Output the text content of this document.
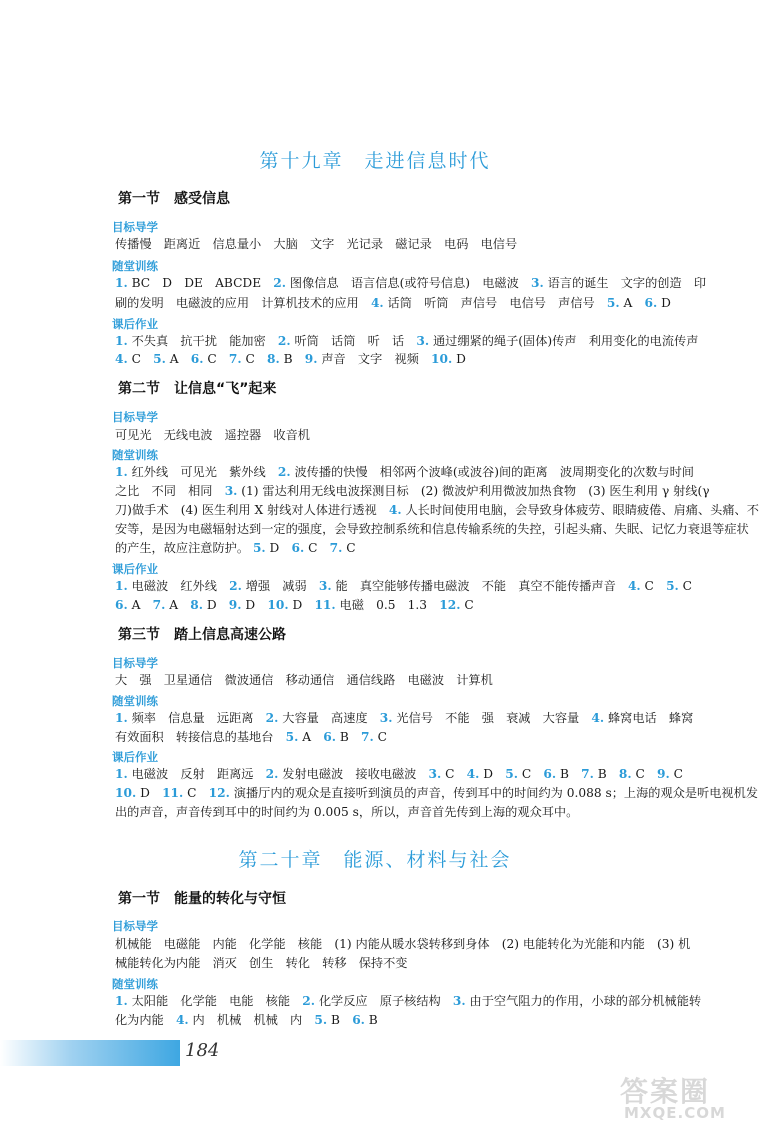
第十九章　走进信息时代
第一节　感受信息
目标导学
传播慢　距离近　信息量小　大脑　文字　光记录　磁记录　电码　电信号
随堂训练
1. BC　D　DE　ABCDE　2. 图像信息　语言信息(或符号信息)　电磁波　3. 语言的诞生　文字的创造　印
刷的发明　电磁波的应用　计算机技术的应用　4. 话筒　听筒　声信号　电信号　声信号　5. A　6. D
课后作业
1. 不失真　抗干扰　能加密　2. 听筒　话筒　听　话　3. 通过绷紧的绳子(固体)传声　利用变化的电流传声
4. C　5. A　6. C　7. C　8. B　9. 声音　文字　视频　10. D
第二节　让信息“飞”起来
目标导学
可见光　无线电波　遥控器　收音机
随堂训练
1. 红外线　可见光　紫外线　2. 波传播的快慢　相邻两个波峰(或波谷)间的距离　波周期变化的次数与时间
之比　不同　相同　3. (1) 雷达利用无线电波探测目标　(2) 微波炉利用微波加热食物　(3) 医生利用 γ 射线(γ
刀)做手术　(4) 医生利用 X 射线对人体进行透视　4. 人长时间使用电脑，会导致身体疲劳、眼睛疲倦、肩痛、头痛、不
安等，是因为电磁辐射达到一定的强度，会导致控制系统和信息传输系统的失控，引起头痛、失眠、记忆力衰退等症状
的产生，故应注意防护。 5. D　6. C　7. C
课后作业
1. 电磁波　红外线　2. 增强　减弱　3. 能　真空能够传播电磁波　不能　真空不能传播声音　4. C　5. C
6. A　7. A　8. D　9. D　10. D　11. 电磁　0.5　1.3　12. C
第三节　踏上信息高速公路
目标导学
大　强　卫星通信　微波通信　移动通信　通信线路　电磁波　计算机
随堂训练
1. 频率　信息量　远距离　2. 大容量　高速度　3. 光信号　不能　强　衰减　大容量　4. 蜂窝电话　蜂窝
有效面积　转接信息的基地台　5. A　6. B　7. C
课后作业
1. 电磁波　反射　距离远　2. 发射电磁波　接收电磁波　3. C　4. D　5. C　6. B　7. B　8. C　9. C
10. D　11. C　12. 演播厅内的观众是直接听到演员的声音，传到耳中的时间约为 0.088 s；上海的观众是听电视机发
出的声音，声音传到耳中的时间约为 0.005 s，所以，声音首先传到上海的观众耳中。
第二十章　能源、材料与社会
第一节　能量的转化与守恒
目标导学
机械能　电磁能　内能　化学能　核能　(1) 内能从暖水袋转移到身体　(2) 电能转化为光能和内能　(3) 机
械能转化为内能　消灭　创生　转化　转移　保持不变
随堂训练
1. 太阳能　化学能　电能　核能　2. 化学反应　原子核结构　3. 由于空气阻力的作用，小球的部分机械能转
化为内能　4. 内　机械　机械　内　5. B　6. B
184
答案圈
MXQE.COM
